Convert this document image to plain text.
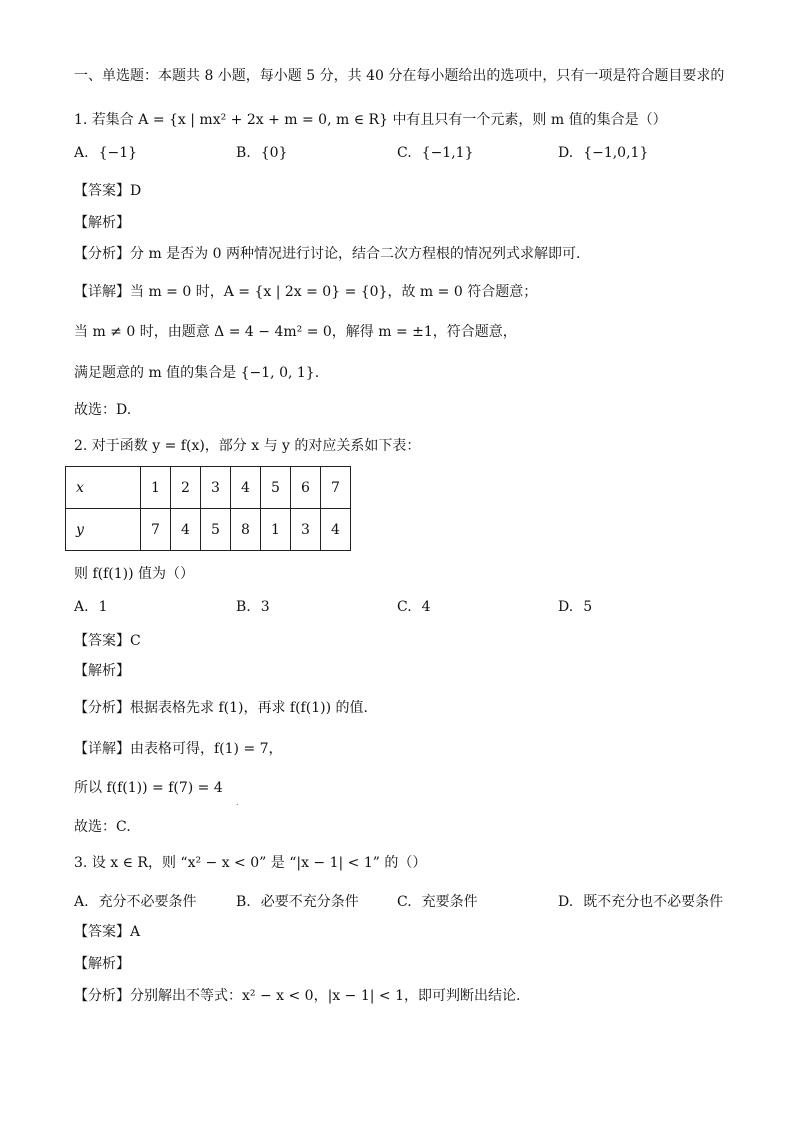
一、单选题：本题共 8 小题，每小题 5 分，共 40 分在每小题给出的选项中，只有一项是符合题目要求的
1. 若集合 A = {x | mx² + 2x + m = 0, m ∈ R} 中有且只有一个元素，则 m 值的集合是（）
A. {−1}	B. {0}	C. {−1,1}	D. {−1,0,1}
【答案】D
【解析】
【分析】分 m 是否为 0 两种情况进行讨论，结合二次方程根的情况列式求解即可.
【详解】当 m = 0 时，A = {x | 2x = 0} = {0}，故 m = 0 符合题意；
当 m ≠ 0 时，由题意 Δ = 4 − 4m² = 0，解得 m = ±1，符合题意，
满足题意的 m 值的集合是 {−1, 0, 1}.
故选：D.
2. 对于函数 y = f(x)，部分 x 与 y 的对应关系如下表：
x	1	2	3	4	5	6	7
y	7	4	5	8	1	3	4
则 f(f(1)) 值为（）
A. 1	B. 3	C. 4	D. 5
【答案】C
【解析】
【分析】根据表格先求 f(1)，再求 f(f(1)) 的值.
【详解】由表格可得，f(1) = 7，
所以 f(f(1)) = f(7) = 4
.
故选：C.
3. 设 x ∈ R，则 “x² − x < 0” 是 “|x − 1| < 1” 的（）
A. 充分不必要条件	B. 必要不充分条件	C. 充要条件	D. 既不充分也不必要条件
【答案】A
【解析】
【分析】分别解出不等式：x² − x < 0，|x − 1| < 1，即可判断出结论.
